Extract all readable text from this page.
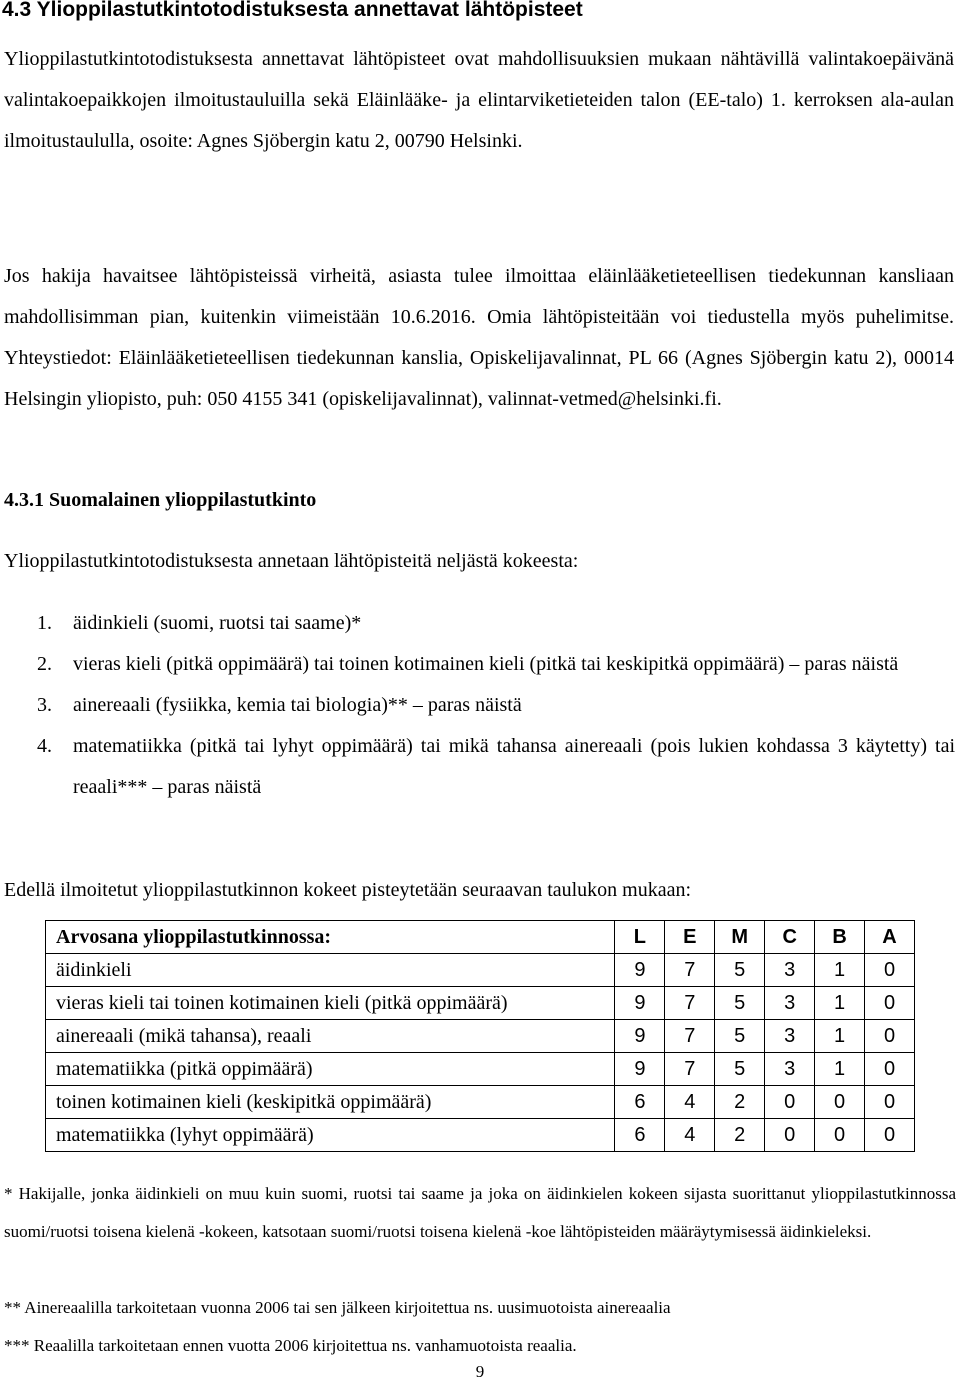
4.3 Ylioppilastutkintotodistuksesta annettavat lähtöpisteet

Ylioppilastutkintotodistuksesta annettavat lähtöpisteet ovat mahdollisuuksien mukaan nähtävillä valintakoepäivänä valintakoepaikkojen ilmoitustauluilla sekä Eläinlääke- ja elintarviketieteiden talon (EE-talo) 1. kerroksen ala-aulan ilmoitustaululla, osoite: Agnes Sjöbergin katu 2, 00790 Helsinki.

Jos hakija havaitsee lähtöpisteissä virheitä, asiasta tulee ilmoittaa eläinlääketieteellisen tiedekunnan kansliaan mahdollisimman pian, kuitenkin viimeistään 10.6.2016. Omia lähtöpisteitään voi tiedustella myös puhelimitse. Yhteystiedot: Eläinlääketieteellisen tiedekunnan kanslia, Opiskelijavalinnat, PL 66 (Agnes Sjöbergin katu 2), 00014 Helsingin yliopisto, puh: 050 4155 341 (opiskelijavalinnat), valinnat-vetmed@helsinki.fi.

4.3.1 Suomalainen ylioppilastutkinto

Ylioppilastutkintotodistuksesta annetaan lähtöpisteitä neljästä kokeesta:

1. äidinkieli (suomi, ruotsi tai saame)*
2. vieras kieli (pitkä oppimäärä) tai toinen kotimainen kieli (pitkä tai keskipitkä oppimäärä) – paras näistä
3. ainereaali (fysiikka, kemia tai biologia)** – paras näistä
4. matematiikka (pitkä tai lyhyt oppimäärä) tai mikä tahansa ainereaali (pois lukien kohdassa 3 käytetty) tai reaali*** – paras näistä

Edellä ilmoitetut ylioppilastutkinnon kokeet pisteytetään seuraavan taulukon mukaan:

Arvosana ylioppilastutkinnossa:	L	E	M	C	B	A
äidinkieli	9	7	5	3	1	0
vieras kieli tai toinen kotimainen kieli (pitkä oppimäärä)	9	7	5	3	1	0
ainereaali (mikä tahansa), reaali	9	7	5	3	1	0
matematiikka (pitkä oppimäärä)	9	7	5	3	1	0
toinen kotimainen kieli (keskipitkä oppimäärä)	6	4	2	0	0	0
matematiikka (lyhyt oppimäärä)	6	4	2	0	0	0

* Hakijalle, jonka äidinkieli on muu kuin suomi, ruotsi tai saame ja joka on äidinkielen kokeen sijasta suorittanut ylioppilastutkinnossa suomi/ruotsi toisena kielenä -kokeen, katsotaan suomi/ruotsi toisena kielenä -koe lähtöpisteiden määräytymisessä äidinkieleksi.

** Ainereaalilla tarkoitetaan vuonna 2006 tai sen jälkeen kirjoitettua ns. uusimuotoista ainereaalia

*** Reaalilla tarkoitetaan ennen vuotta 2006 kirjoitettua ns. vanhamuotoista reaalia.

9
